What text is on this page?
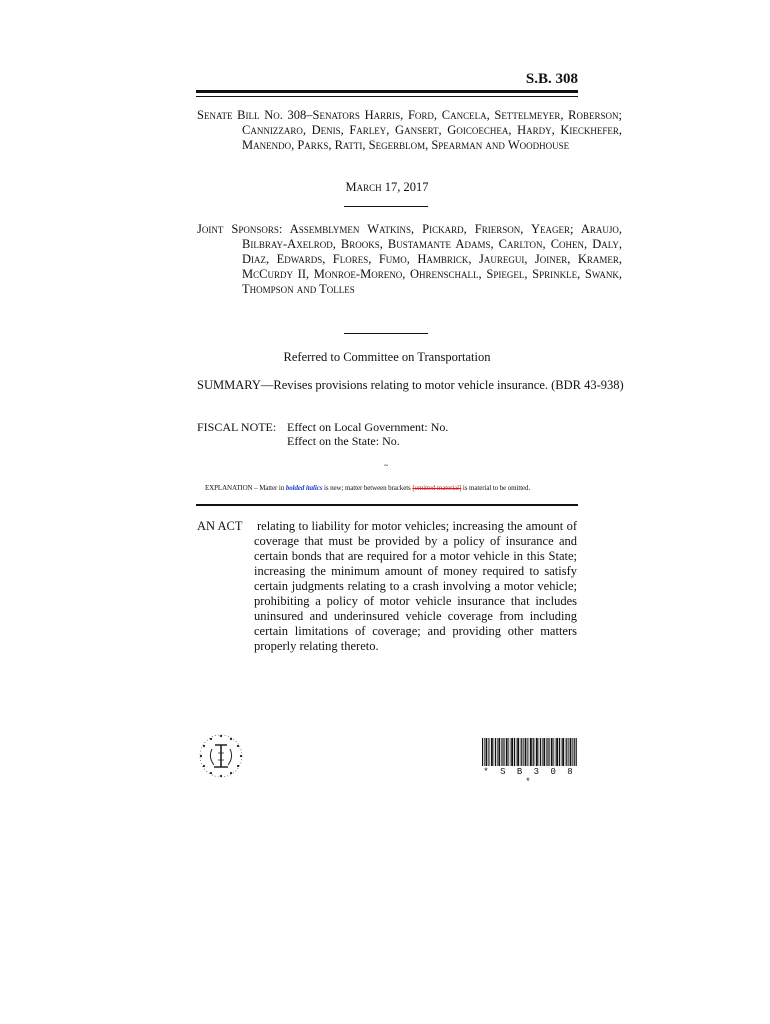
S.B. 308
Senate Bill No. 308–Senators Harris, Ford, Cancela, Settelmeyer, Roberson; Cannizzaro, Denis, Farley, Gansert, Goicoechea, Hardy, Kieckhefer, Manendo, Parks, Ratti, Segerblom, Spearman and Woodhouse
March 17, 2017
Joint Sponsors: Assemblymen Watkins, Pickard, Frierson, Yeager; Araujo, Bilbray-Axelrod, Brooks, Bustamante Adams, Carlton, Cohen, Daly, Diaz, Edwards, Flores, Fumo, Hambrick, Jauregui, Joiner, Kramer, McCurdy II, Monroe-Moreno, Ohrenschall, Spiegel, Sprinkle, Swank, Thompson and Tolles
Referred to Committee on Transportation
SUMMARY—Revises provisions relating to motor vehicle insurance. (BDR 43-938)
FISCAL NOTE: Effect on Local Government: No.
Effect on the State: No.
~
EXPLANATION – Matter in bolded italics is new; matter between brackets [omitted material] is material to be omitted.
AN ACT	relating to liability for motor vehicles; increasing the amount of coverage that must be provided by a policy of insurance and certain bonds that are required for a motor vehicle in this State; increasing the minimum amount of money required to satisfy certain judgments relating to a crash involving a motor vehicle; prohibiting a policy of motor vehicle insurance that includes uninsured and underinsured vehicle coverage from including certain limitations of coverage; and providing other matters properly relating thereto.
* S B 3 0 8 *
